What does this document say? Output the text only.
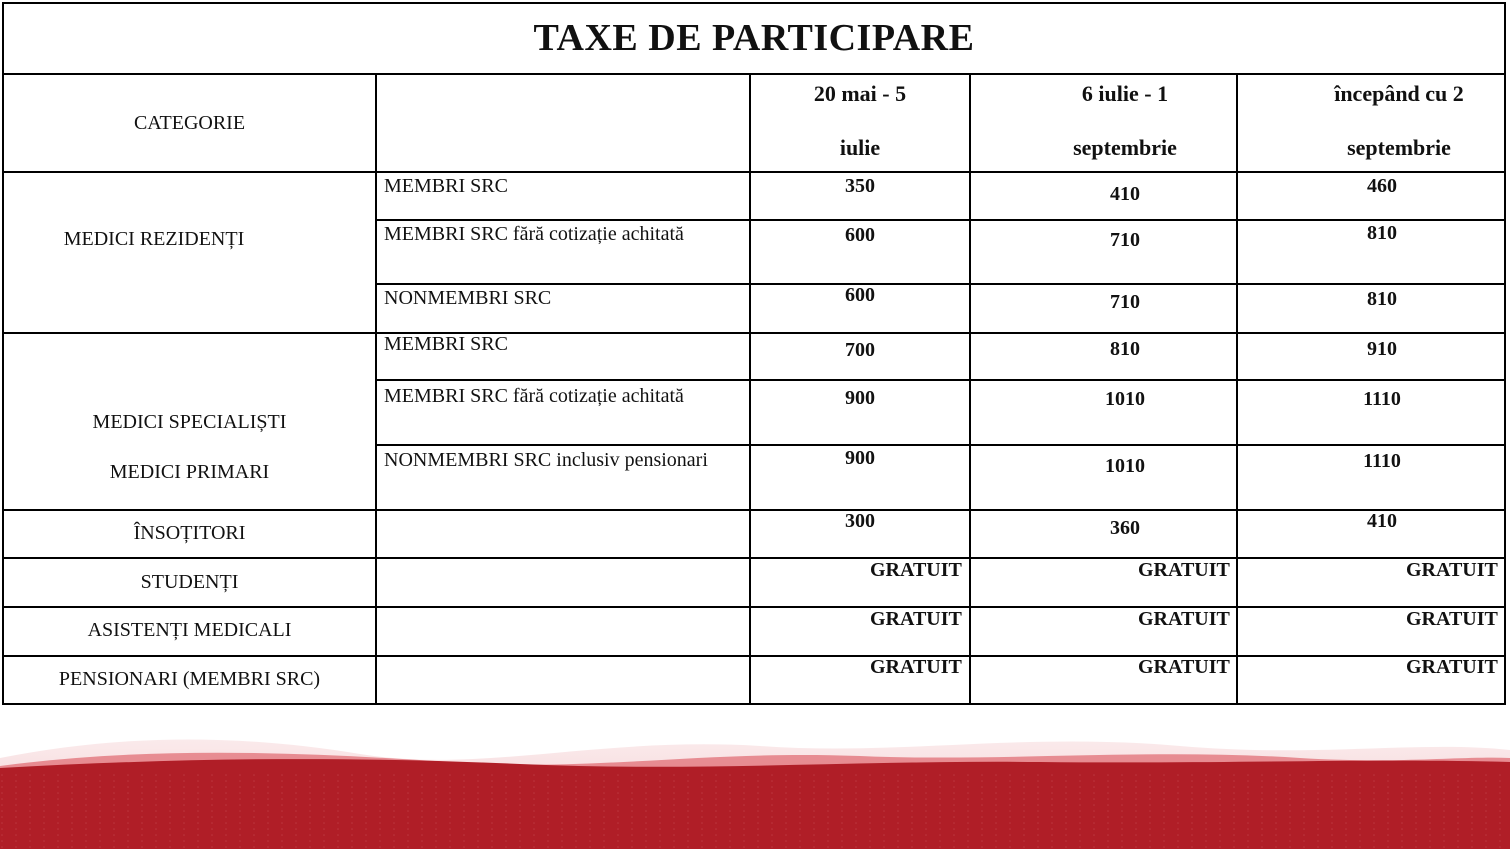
TAXE DE PARTICIPARE
CATEGORIE
20 mai - 5
iulie
6 iulie - 1
septembrie
începând cu 2
septembrie
MEDICI REZIDENȚI
MEDICI SPECIALIȘTI
MEDICI PRIMARI
ÎNSOȚITORI
STUDENȚI
ASISTENȚI MEDICALI
PENSIONARI (MEMBRI SRC)
MEMBRI SRC
MEMBRI SRC fără cotizație achitată
NONMEMBRI SRC
MEMBRI SRC
MEMBRI SRC fără cotizație achitată
NONMEMBRI SRC inclusiv pensionari
350
600
600
700
900
900
300
GRATUIT
GRATUIT
GRATUIT
410
710
710
810
1010
1010
360
GRATUIT
GRATUIT
GRATUIT
460
810
810
910
1110
1110
410
GRATUIT
GRATUIT
GRATUIT
